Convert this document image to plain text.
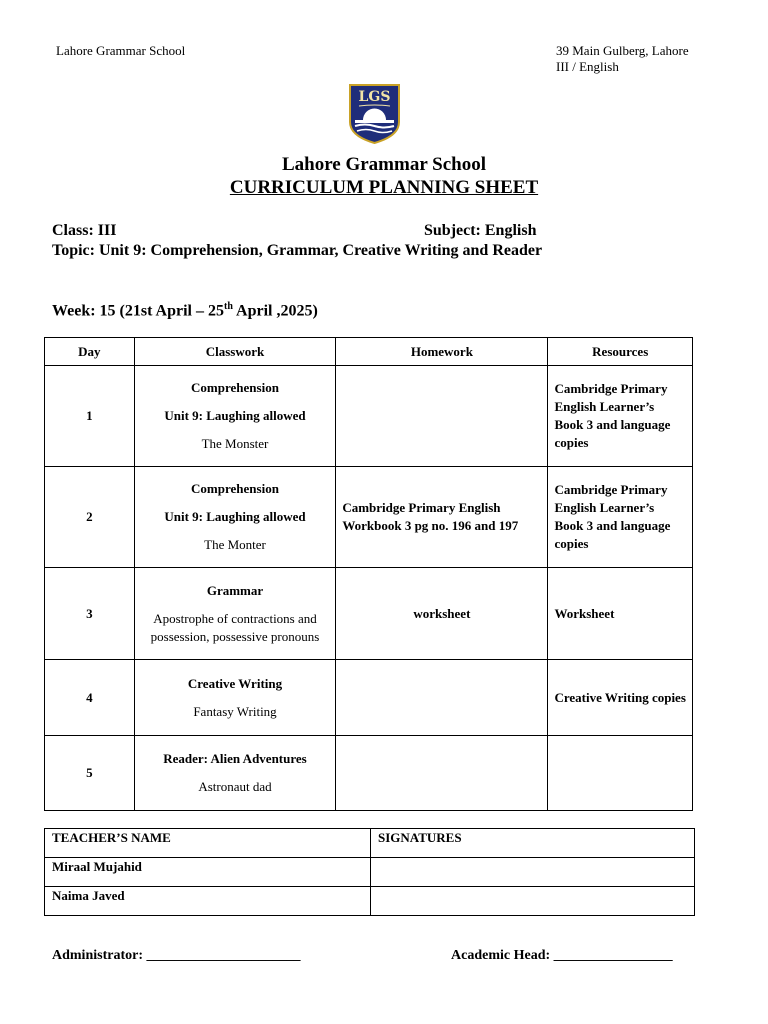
Lahore Grammar School	39 Main Gulberg, Lahore
III / English
LGS
Lahore Grammar School
CURRICULUM PLANNING SHEET
Class: III	Subject: English
Topic: Unit 9: Comprehension, Grammar, Creative Writing and Reader
Week: 15 (21st April – 25th April ,2025)
Day	Classwork	Homework	Resources
1	Comprehension

Unit 9: Laughing allowed

The Monster		Cambridge Primary English Learner’s Book 3 and language copies
2	Comprehension

Unit 9: Laughing allowed

The Monter	Cambridge Primary English Workbook 3 pg no. 196 and 197	Cambridge Primary English Learner’s Book 3 and language copies
3	Grammar

Apostrophe of contractions and possession, possessive pronouns	worksheet	Worksheet
4	Creative Writing

Fantasy Writing		Creative Writing copies
5	Reader: Alien Adventures

Astronaut dad		

TEACHER’S NAME	SIGNATURES
Miraal Mujahid	
Naima Javed	
Administrator: ______________________	Academic Head: _________________
